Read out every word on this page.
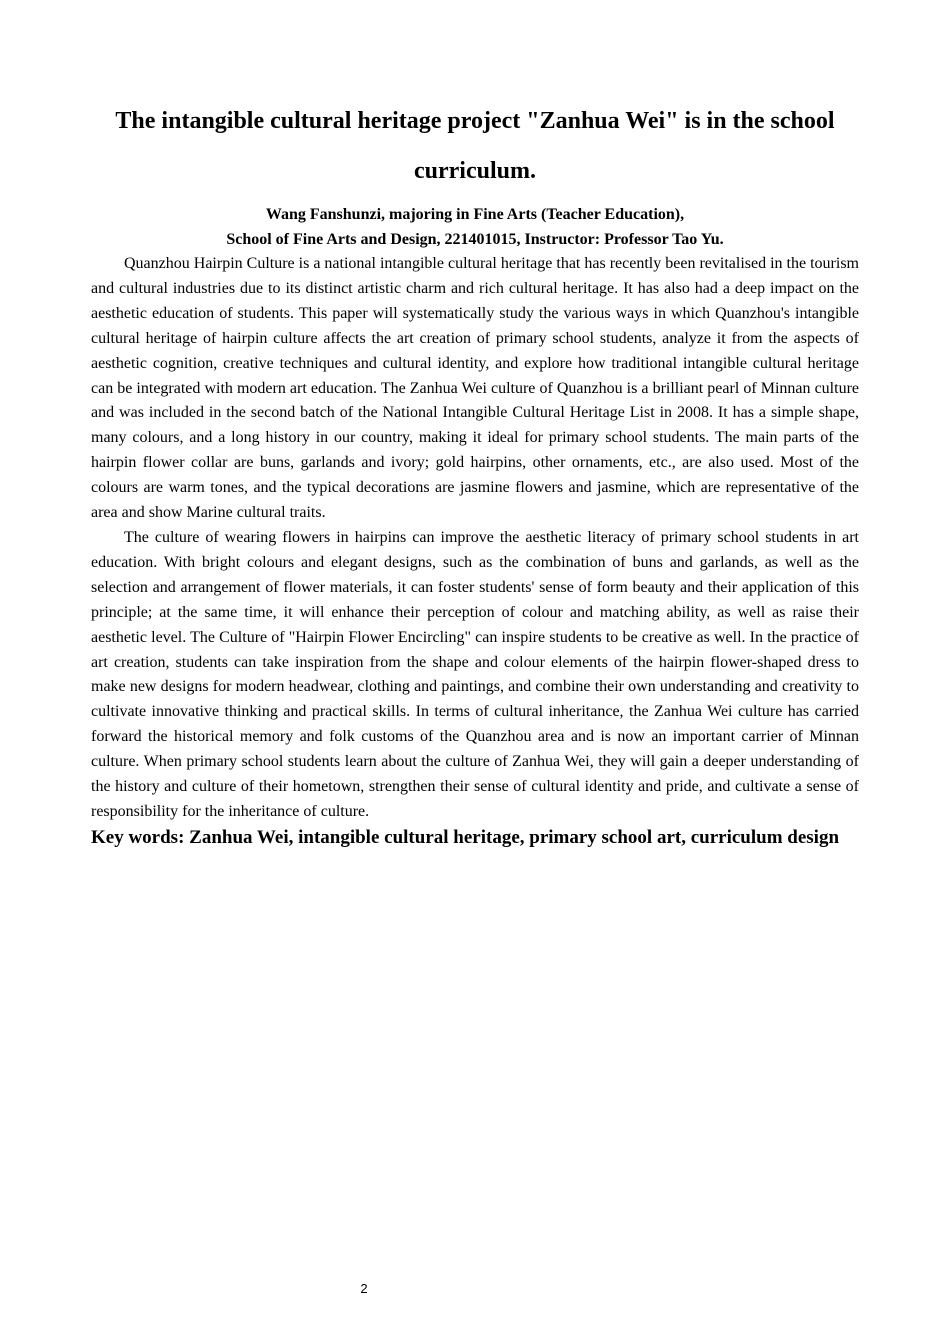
The intangible cultural heritage project "Zanhua Wei" is in the school curriculum.

Wang Fanshunzi, majoring in Fine Arts (Teacher Education),
School of Fine Arts and Design, 221401015, Instructor: Professor Tao Yu.

Quanzhou Hairpin Culture is a national intangible cultural heritage that has recently been revitalised in the tourism and cultural industries due to its distinct artistic charm and rich cultural heritage. It has also had a deep impact on the aesthetic education of students. This paper will systematically study the various ways in which Quanzhou's intangible cultural heritage of hairpin culture affects the art creation of primary school students, analyze it from the aspects of aesthetic cognition, creative techniques and cultural identity, and explore how traditional intangible cultural heritage can be integrated with modern art education. The Zanhua Wei culture of Quanzhou is a brilliant pearl of Minnan culture and was included in the second batch of the National Intangible Cultural Heritage List in 2008. It has a simple shape, many colours, and a long history in our country, making it ideal for primary school students. The main parts of the hairpin flower collar are buns, garlands and ivory; gold hairpins, other ornaments, etc., are also used. Most of the colours are warm tones, and the typical decorations are jasmine flowers and jasmine, which are representative of the area and show Marine cultural traits.

The culture of wearing flowers in hairpins can improve the aesthetic literacy of primary school students in art education. With bright colours and elegant designs, such as the combination of buns and garlands, as well as the selection and arrangement of flower materials, it can foster students' sense of form beauty and their application of this principle; at the same time, it will enhance their perception of colour and matching ability, as well as raise their aesthetic level. The Culture of "Hairpin Flower Encircling" can inspire students to be creative as well. In the practice of art creation, students can take inspiration from the shape and colour elements of the hairpin flower-shaped dress to make new designs for modern headwear, clothing and paintings, and combine their own understanding and creativity to cultivate innovative thinking and practical skills. In terms of cultural inheritance, the Zanhua Wei culture has carried forward the historical memory and folk customs of the Quanzhou area and is now an important carrier of Minnan culture. When primary school students learn about the culture of Zanhua Wei, they will gain a deeper understanding of the history and culture of their hometown, strengthen their sense of cultural identity and pride, and cultivate a sense of responsibility for the inheritance of culture.

Key words: Zanhua Wei, intangible cultural heritage, primary school art, curriculum design

2
